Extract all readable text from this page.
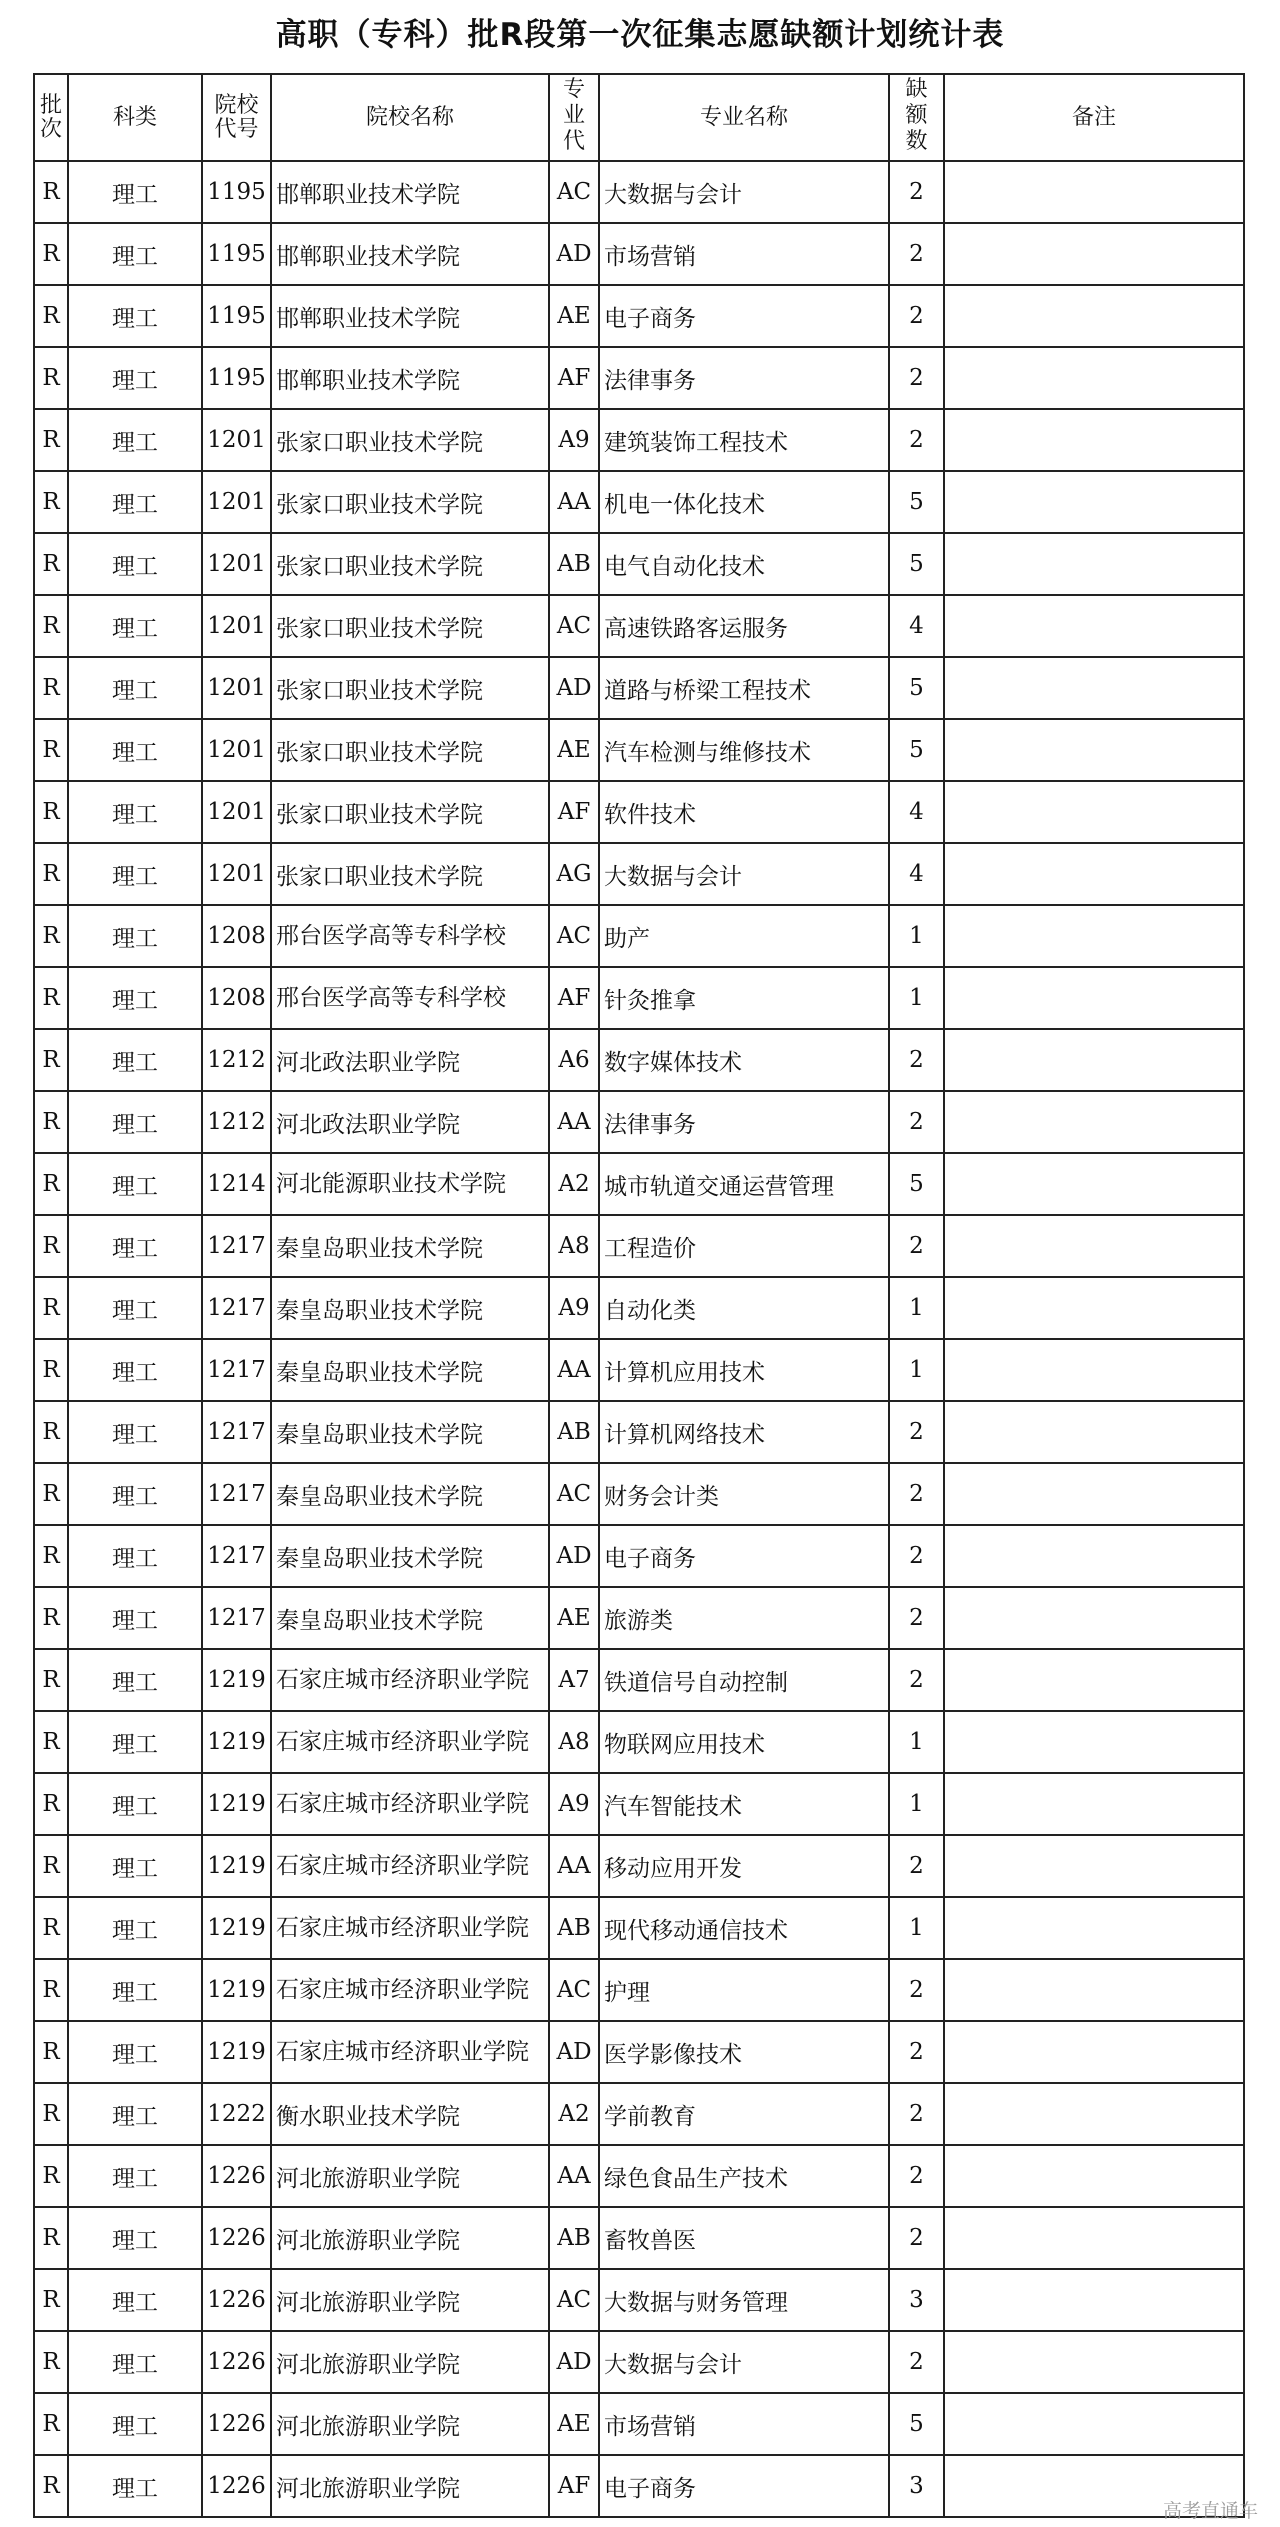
高职（专科）批R段第一次征集志愿缺额计划统计表
批次	科类	院校代号	院校名称	专业代	专业名称	缺额数	备注
R	理工	1195	邯郸职业技术学院	AC	大数据与会计	2	
R	理工	1195	邯郸职业技术学院	AD	市场营销	2	
R	理工	1195	邯郸职业技术学院	AE	电子商务	2	
R	理工	1195	邯郸职业技术学院	AF	法律事务	2	
R	理工	1201	张家口职业技术学院	A9	建筑装饰工程技术	2	
R	理工	1201	张家口职业技术学院	AA	机电一体化技术	5	
R	理工	1201	张家口职业技术学院	AB	电气自动化技术	5	
R	理工	1201	张家口职业技术学院	AC	高速铁路客运服务	4	
R	理工	1201	张家口职业技术学院	AD	道路与桥梁工程技术	5	
R	理工	1201	张家口职业技术学院	AE	汽车检测与维修技术	5	
R	理工	1201	张家口职业技术学院	AF	软件技术	4	
R	理工	1201	张家口职业技术学院	AG	大数据与会计	4	
R	理工	1208	邢台医学高等专科学校	AC	助产	1	
R	理工	1208	邢台医学高等专科学校	AF	针灸推拿	1	
R	理工	1212	河北政法职业学院	A6	数字媒体技术	2	
R	理工	1212	河北政法职业学院	AA	法律事务	2	
R	理工	1214	河北能源职业技术学院	A2	城市轨道交通运营管理	5	
R	理工	1217	秦皇岛职业技术学院	A8	工程造价	2	
R	理工	1217	秦皇岛职业技术学院	A9	自动化类	1	
R	理工	1217	秦皇岛职业技术学院	AA	计算机应用技术	1	
R	理工	1217	秦皇岛职业技术学院	AB	计算机网络技术	2	
R	理工	1217	秦皇岛职业技术学院	AC	财务会计类	2	
R	理工	1217	秦皇岛职业技术学院	AD	电子商务	2	
R	理工	1217	秦皇岛职业技术学院	AE	旅游类	2	
R	理工	1219	石家庄城市经济职业学院	A7	铁道信号自动控制	2	
R	理工	1219	石家庄城市经济职业学院	A8	物联网应用技术	1	
R	理工	1219	石家庄城市经济职业学院	A9	汽车智能技术	1	
R	理工	1219	石家庄城市经济职业学院	AA	移动应用开发	2	
R	理工	1219	石家庄城市经济职业学院	AB	现代移动通信技术	1	
R	理工	1219	石家庄城市经济职业学院	AC	护理	2	
R	理工	1219	石家庄城市经济职业学院	AD	医学影像技术	2	
R	理工	1222	衡水职业技术学院	A2	学前教育	2	
R	理工	1226	河北旅游职业学院	AA	绿色食品生产技术	2	
R	理工	1226	河北旅游职业学院	AB	畜牧兽医	2	
R	理工	1226	河北旅游职业学院	AC	大数据与财务管理	3	
R	理工	1226	河北旅游职业学院	AD	大数据与会计	2	
R	理工	1226	河北旅游职业学院	AE	市场营销	5	
R	理工	1226	河北旅游职业学院	AF	电子商务	3	
高考直通车
